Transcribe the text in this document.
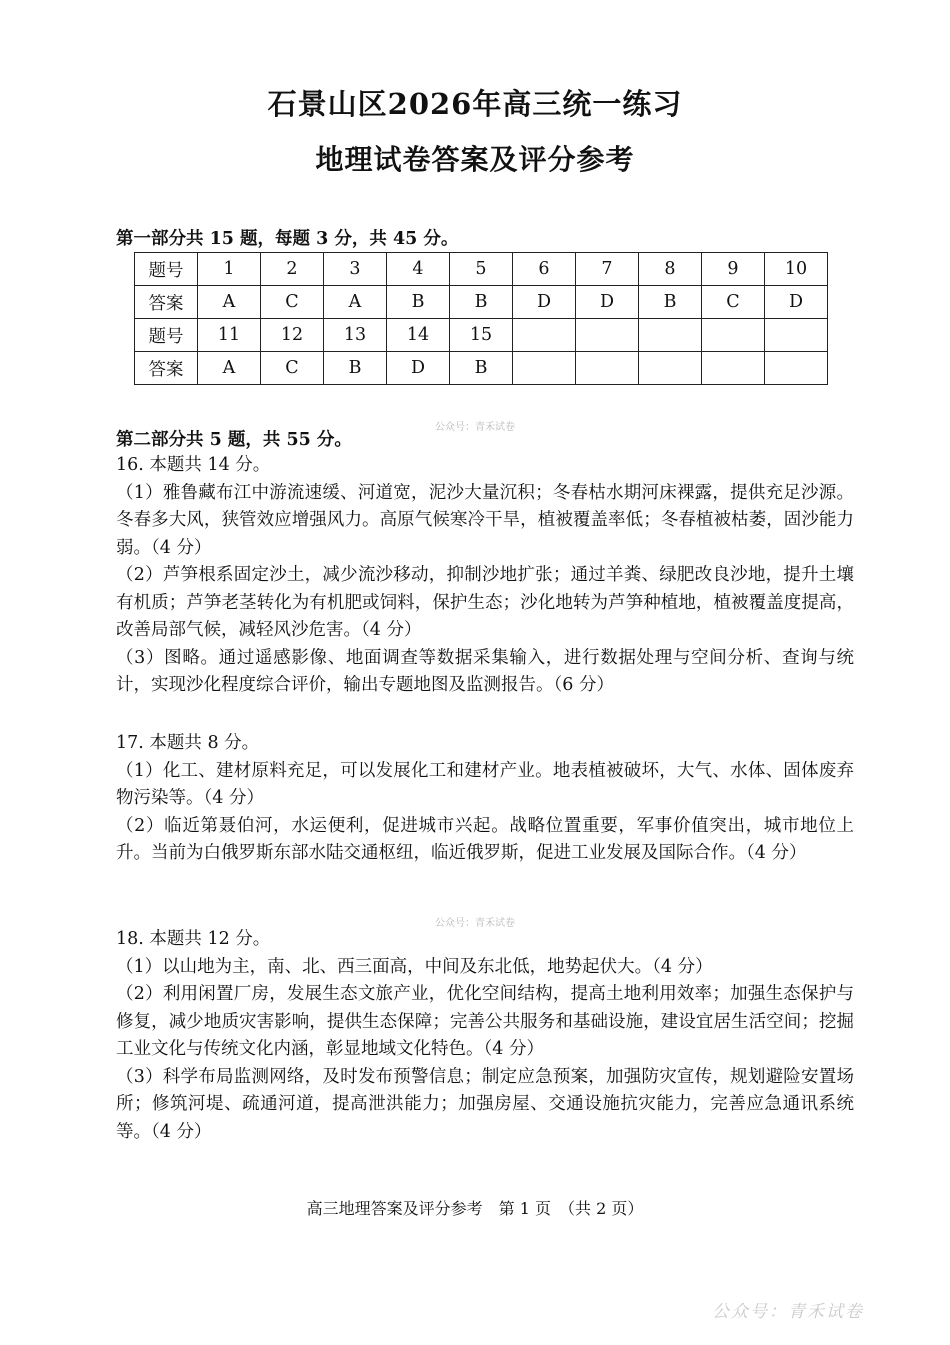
石景山区2026年高三统一练习
地理试卷答案及评分参考
第一部分共 15 题，每题 3 分，共 45 分。
题号	1	2	3	4	5	6	7	8	9	10
答案	A	C	A	B	B	D	D	B	C	D
题号	11	12	13	14	15					
答案	A	C	B	D	B					
公众号：青禾试卷
第二部分共 5 题，共 55 分。
16. 本题共 14 分。
（1）雅鲁藏布江中游流速缓、河道宽，泥沙大量沉积；冬春枯水期河床裸露，提供充足沙源。冬春多大风，狭管效应增强风力。高原气候寒冷干旱，植被覆盖率低；冬春植被枯萎，固沙能力弱。（4 分）
（2）芦笋根系固定沙土，减少流沙移动，抑制沙地扩张；通过羊粪、绿肥改良沙地，提升土壤有机质；芦笋老茎转化为有机肥或饲料，保护生态；沙化地转为芦笋种植地，植被覆盖度提高，改善局部气候，减轻风沙危害。（4 分）
（3）图略。通过遥感影像、地面调查等数据采集输入，进行数据处理与空间分析、查询与统计，实现沙化程度综合评价，输出专题地图及监测报告。（6 分）
17. 本题共 8 分。
（1）化工、建材原料充足，可以发展化工和建材产业。地表植被破坏，大气、水体、固体废弃物污染等。（4 分）
（2）临近第聂伯河，水运便利，促进城市兴起。战略位置重要，军事价值突出，城市地位上升。当前为白俄罗斯东部水陆交通枢纽，临近俄罗斯，促进工业发展及国际合作。（4 分）
公众号：青禾试卷
18. 本题共 12 分。
（1）以山地为主，南、北、西三面高，中间及东北低，地势起伏大。（4 分）
（2）利用闲置厂房，发展生态文旅产业，优化空间结构，提高土地利用效率；加强生态保护与修复，减少地质灾害影响，提供生态保障；完善公共服务和基础设施，建设宜居生活空间；挖掘工业文化与传统文化内涵，彰显地域文化特色。（4 分）
（3）科学布局监测网络，及时发布预警信息；制定应急预案，加强防灾宣传，规划避险安置场所；修筑河堤、疏通河道，提高泄洪能力；加强房屋、交通设施抗灾能力，完善应急通讯系统等。（4 分）
高三地理答案及评分参考　第 1 页　（共 2 页）
公众号：青禾试卷
